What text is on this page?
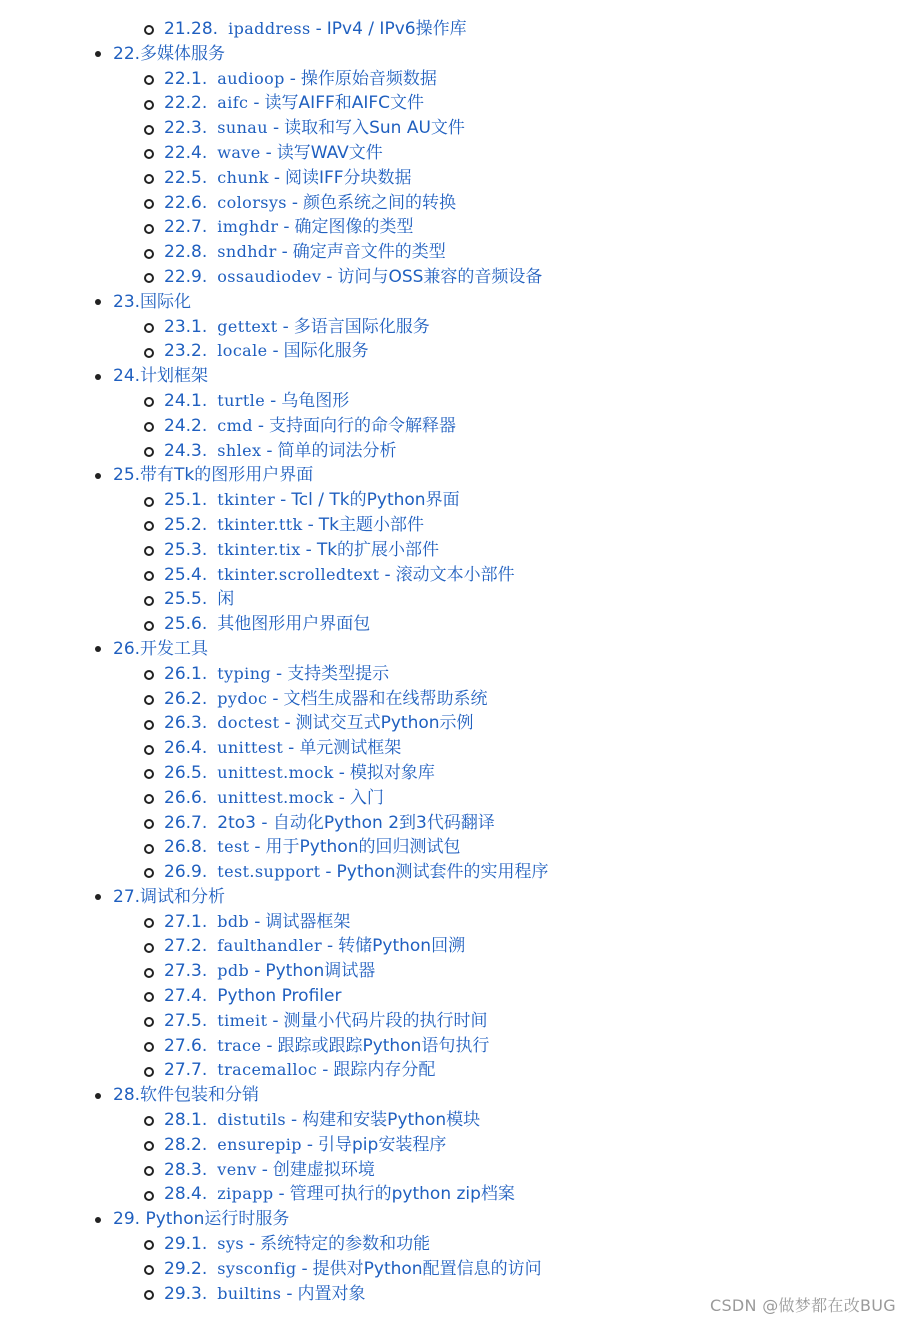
21.28. ipaddress - IPv4 / IPv6操作库
22.多媒体服务
22.1. audioop - 操作原始音频数据
22.2. aifc - 读写AIFF和AIFC文件
22.3. sunau - 读取和写入Sun AU文件
22.4. wave - 读写WAV文件
22.5. chunk - 阅读IFF分块数据
22.6. colorsys - 颜色系统之间的转换
22.7. imghdr - 确定图像的类型
22.8. sndhdr - 确定声音文件的类型
22.9. ossaudiodev - 访问与OSS兼容的音频设备
23.国际化
23.1. gettext - 多语言国际化服务
23.2. locale - 国际化服务
24.计划框架
24.1. turtle - 乌龟图形
24.2. cmd - 支持面向行的命令解释器
24.3. shlex - 简单的词法分析
25.带有Tk的图形用户界面
25.1. tkinter - Tcl / Tk的Python界面
25.2. tkinter.ttk - Tk主题小部件
25.3. tkinter.tix - Tk的扩展小部件
25.4. tkinter.scrolledtext - 滚动文本小部件
25.5. 闲
25.6. 其他图形用户界面包
26.开发工具
26.1. typing - 支持类型提示
26.2. pydoc - 文档生成器和在线帮助系统
26.3. doctest - 测试交互式Python示例
26.4. unittest - 单元测试框架
26.5. unittest.mock - 模拟对象库
26.6. unittest.mock - 入门
26.7. 2to3 - 自动化Python 2到3代码翻译
26.8. test - 用于Python的回归测试包
26.9. test.support - Python测试套件的实用程序
27.调试和分析
27.1. bdb - 调试器框架
27.2. faulthandler - 转储Python回溯
27.3. pdb - Python调试器
27.4. Python Profiler
27.5. timeit - 测量小代码片段的执行时间
27.6. trace - 跟踪或跟踪Python语句执行
27.7. tracemalloc - 跟踪内存分配
28.软件包装和分销
28.1. distutils - 构建和安装Python模块
28.2. ensurepip - 引导pip安装程序
28.3. venv - 创建虚拟环境
28.4. zipapp - 管理可执行的python zip档案
29. Python运行时服务
29.1. sys - 系统特定的参数和功能
29.2. sysconfig - 提供对Python配置信息的访问
29.3. builtins - 内置对象
CSDN @做梦都在改BUG
